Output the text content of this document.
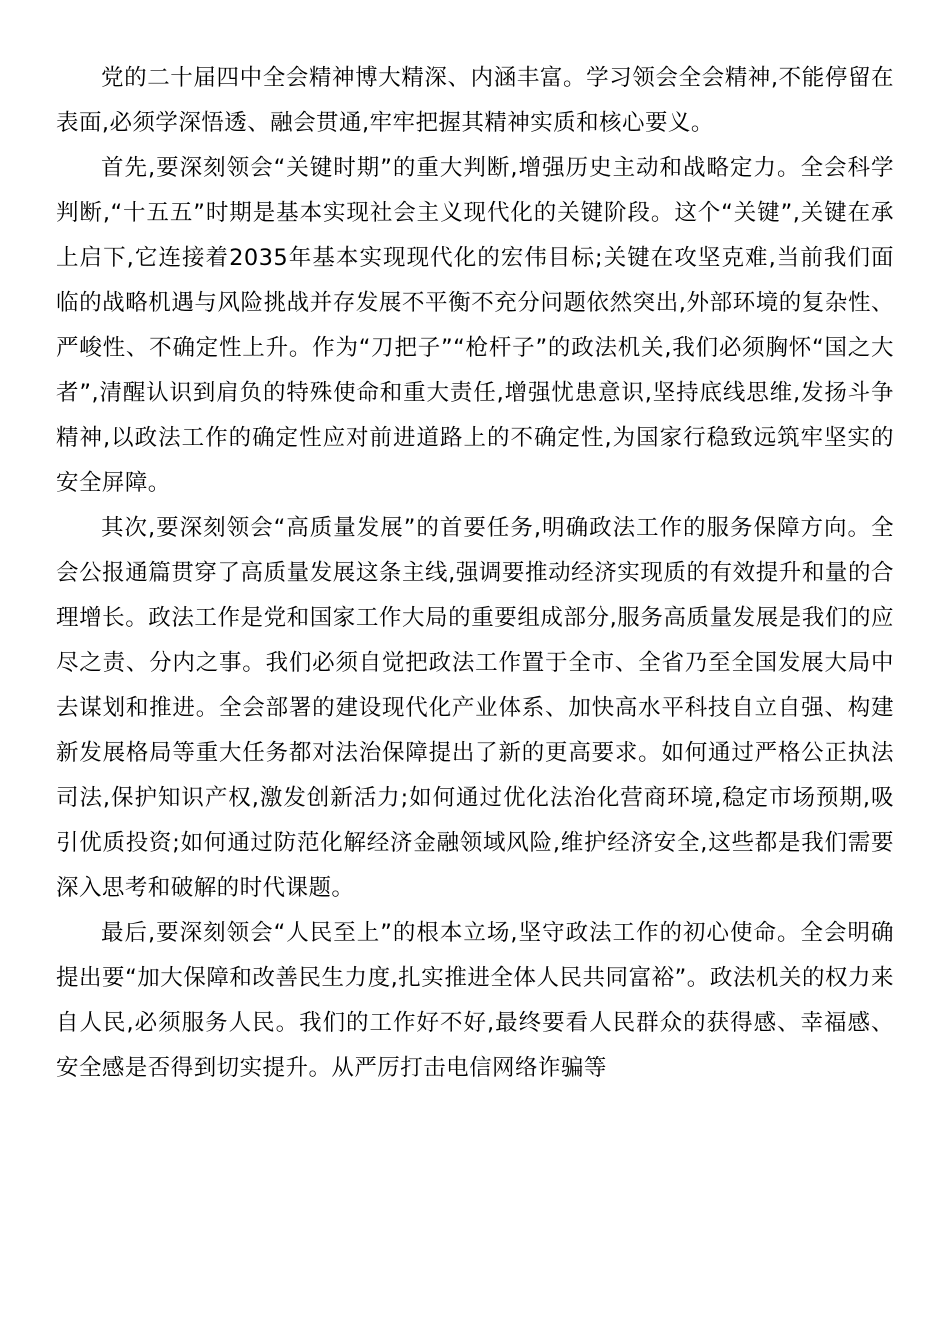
党的二十届四中全会精神博大精深、内涵丰富。学习领会全会精神,不能停留在表面,必须学深悟透、融会贯通,牢牢把握其精神实质和核心要义。

首先,要深刻领会“关键时期”的重大判断,增强历史主动和战略定力。全会科学判断,“十五五”时期是基本实现社会主义现代化的关键阶段。这个“关键”,关键在承上启下,它连接着2035年基本实现现代化的宏伟目标;关键在攻坚克难,当前我们面临的战略机遇与风险挑战并存发展不平衡不充分问题依然突出,外部环境的复杂性、严峻性、不确定性上升。作为“刀把子”“枪杆子”的政法机关,我们必须胸怀“国之大者”,清醒认识到肩负的特殊使命和重大责任,增强忧患意识,坚持底线思维,发扬斗争精神,以政法工作的确定性应对前进道路上的不确定性,为国家行稳致远筑牢坚实的安全屏障。

其次,要深刻领会“高质量发展”的首要任务,明确政法工作的服务保障方向。全会公报通篇贯穿了高质量发展这条主线,强调要推动经济实现质的有效提升和量的合理增长。政法工作是党和国家工作大局的重要组成部分,服务高质量发展是我们的应尽之责、分内之事。我们必须自觉把政法工作置于全市、全省乃至全国发展大局中去谋划和推进。全会部署的建设现代化产业体系、加快高水平科技自立自强、构建新发展格局等重大任务都对法治保障提出了新的更高要求。如何通过严格公正执法司法,保护知识产权,激发创新活力;如何通过优化法治化营商环境,稳定市场预期,吸引优质投资;如何通过防范化解经济金融领域风险,维护经济安全,这些都是我们需要深入思考和破解的时代课题。

最后,要深刻领会“人民至上”的根本立场,坚守政法工作的初心使命。全会明确提出要“加大保障和改善民生力度,扎实推进全体人民共同富裕”。政法机关的权力来自人民,必须服务人民。我们的工作好不好,最终要看人民群众的获得感、幸福感、安全感是否得到切实提升。从严厉打击电信网络诈骗等
